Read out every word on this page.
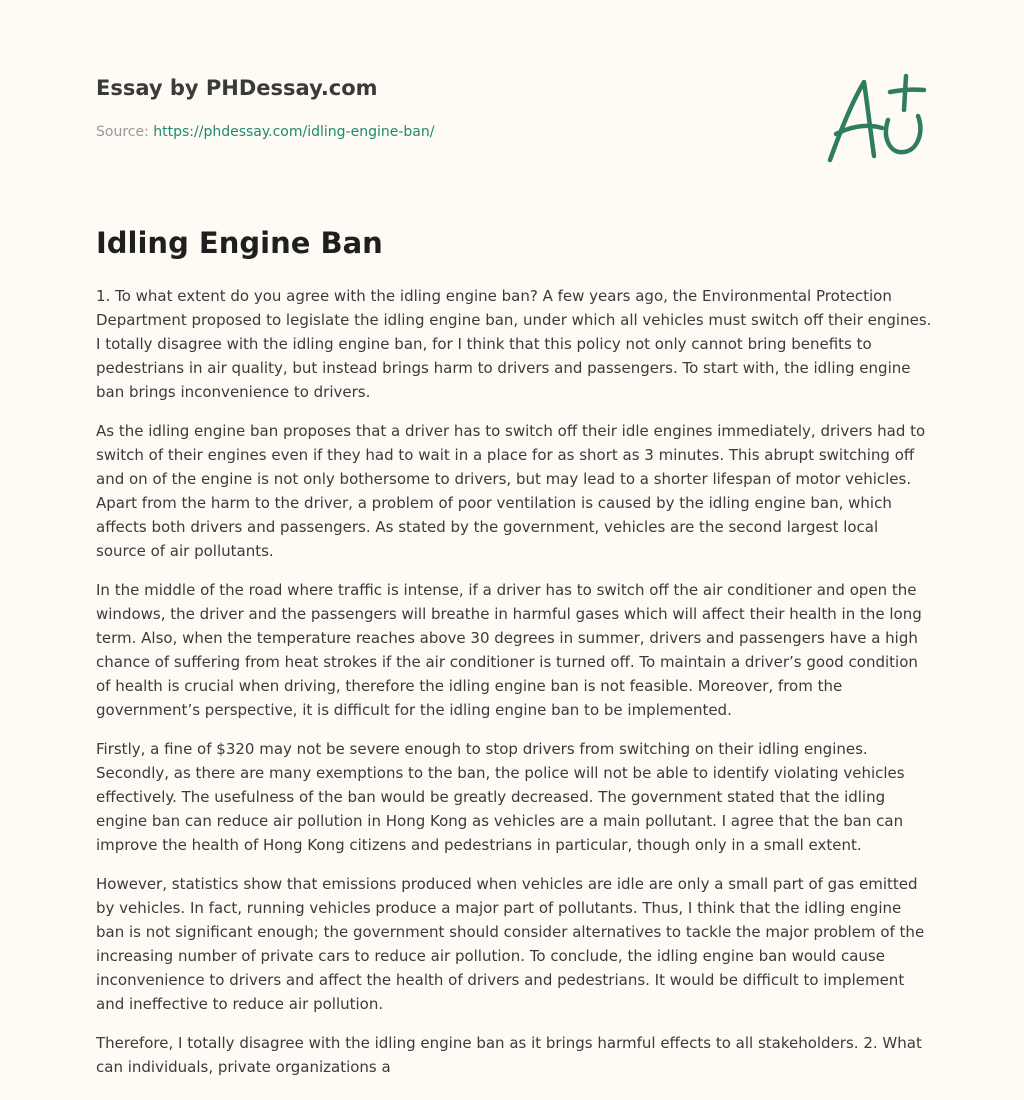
Essay by PHDessay.com
Source: https://phdessay.com/idling-engine-ban/
Idling Engine Ban

1. To what extent do you agree with the idling engine ban? A few years ago, the Environmental Protection Department proposed to legislate the idling engine ban, under which all vehicles must switch off their engines. I totally disagree with the idling engine ban, for I think that this policy not only cannot bring benefits to pedestrians in air quality, but instead brings harm to drivers and passengers. To start with, the idling engine ban brings inconvenience to drivers.

As the idling engine ban proposes that a driver has to switch off their idle engines immediately, drivers had to switch of their engines even if they had to wait in a place for as short as 3 minutes. This abrupt switching off and on of the engine is not only bothersome to drivers, but may lead to a shorter lifespan of motor vehicles. Apart from the harm to the driver, a problem of poor ventilation is caused by the idling engine ban, which affects both drivers and passengers. As stated by the government, vehicles are the second largest local source of air pollutants.

In the middle of the road where traffic is intense, if a driver has to switch off the air conditioner and open the windows, the driver and the passengers will breathe in harmful gases which will affect their health in the long term. Also, when the temperature reaches above 30 degrees in summer, drivers and passengers have a high chance of suffering from heat strokes if the air conditioner is turned off. To maintain a driver’s good condition of health is crucial when driving, therefore the idling engine ban is not feasible. Moreover, from the government’s perspective, it is difficult for the idling engine ban to be implemented.

Firstly, a fine of $320 may not be severe enough to stop drivers from switching on their idling engines. Secondly, as there are many exemptions to the ban, the police will not be able to identify violating vehicles effectively. The usefulness of the ban would be greatly decreased. The government stated that the idling engine ban can reduce air pollution in Hong Kong as vehicles are a main pollutant. I agree that the ban can improve the health of Hong Kong citizens and pedestrians in particular, though only in a small extent.

However, statistics show that emissions produced when vehicles are idle are only a small part of gas emitted by vehicles. In fact, running vehicles produce a major part of pollutants. Thus, I think that the idling engine ban is not significant enough; the government should consider alternatives to tackle the major problem of the increasing number of private cars to reduce air pollution. To conclude, the idling engine ban would cause inconvenience to drivers and affect the health of drivers and pedestrians. It would be difficult to implement and ineffective to reduce air pollution.

Therefore, I totally disagree with the idling engine ban as it brings harmful effects to all stakeholders. 2. What can individuals, private organizations a
